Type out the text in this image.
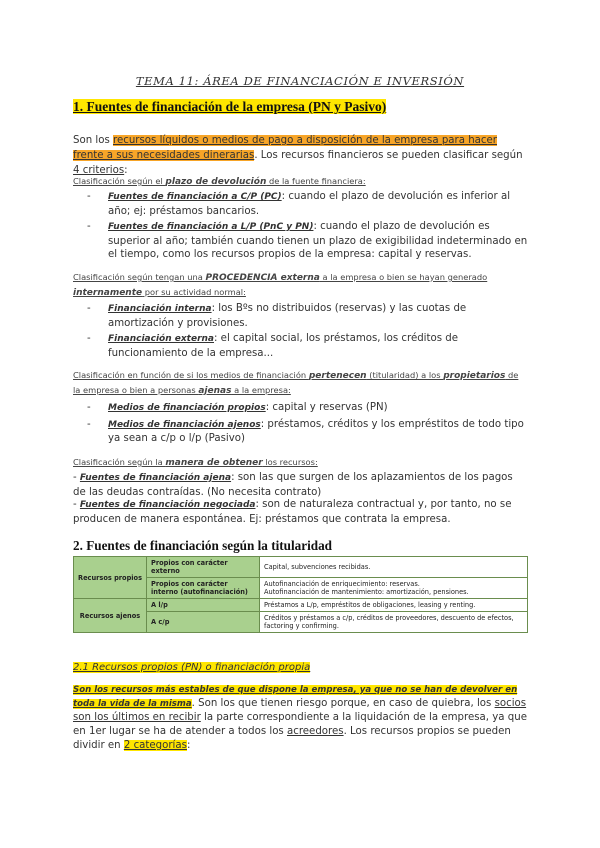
TEMA 11: ÁREA DE FINANCIACIÓN E INVERSIÓN
1. Fuentes de financiación de la empresa (PN y Pasivo)
Son los recursos líquidos o medios de pago a disposición de la empresa para hacer frente a sus necesidades dinerarias. Los recursos financieros se pueden clasificar según 4 criterios:
Clasificación según el plazo de devolución de la fuente financiera:
- Fuentes de financiación a C/P (PC): cuando el plazo de devolución es inferior al año; ej: préstamos bancarios.
- Fuentes de financiación a L/P (PnC y PN): cuando el plazo de devolución es superior al año; también cuando tienen un plazo de exigibilidad indeterminado en el tiempo, como los recursos propios de la empresa: capital y reservas.
Clasificación según tengan una PROCEDENCIA externa a la empresa o bien se hayan generado internamente por su actividad normal:
- Financiación interna: los Bºs no distribuidos (reservas) y las cuotas de amortización y provisiones.
- Financiación externa: el capital social, los préstamos, los créditos de funcionamiento de la empresa...
Clasificación en función de si los medios de financiación pertenecen (titularidad) a los propietarios de la empresa o bien a personas ajenas a la empresa:
- Medios de financiación propios: capital y reservas (PN)
- Medios de financiación ajenos: préstamos, créditos y los empréstitos de todo tipo ya sean a c/p o l/p (Pasivo)
Clasificación según la manera de obtener los recursos:
- Fuentes de financiación ajena: son las que surgen de los aplazamientos de los pagos de las deudas contraídas. (No necesita contrato)
- Fuentes de financiación negociada: son de naturaleza contractual y, por tanto, no se producen de manera espontánea. Ej: préstamos que contrata la empresa.
2. Fuentes de financiación según la titularidad
Recursos propios	Propios con carácter externo	Capital, subvenciones recibidas.
	Propios con carácter interno (autofinanciación)	Autofinanciación de enriquecimiento: reservas.
Autofinanciación de mantenimiento: amortización, pensiones.

Recursos ajenos	A l/p	Préstamos a L/p, empréstitos de obligaciones, leasing y renting.
	A c/p	Créditos y préstamos a c/p, créditos de proveedores, descuento de efectos, factoring y confirming.
2.1 Recursos propios (PN) o financiación propia
Son los recursos más estables de que dispone la empresa, ya que no se han de devolver en toda la vida de la misma. Son los que tienen riesgo porque, en caso de quiebra, los socios son los últimos en recibir la parte correspondiente a la liquidación de la empresa, ya que en 1er lugar se ha de atender a todos los acreedores. Los recursos propios se pueden dividir en 2 categorías:
